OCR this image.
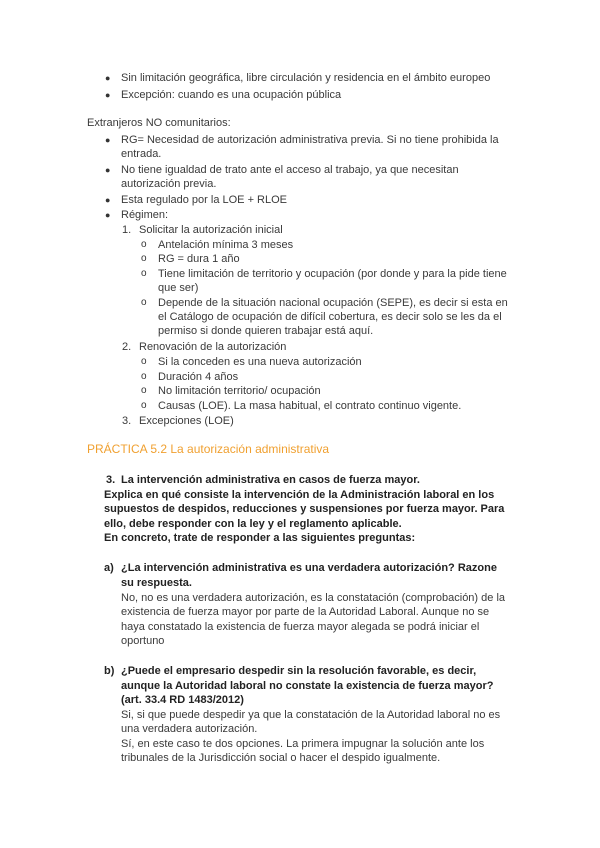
● Sin limitación geográfica, libre circulación y residencia en el ámbito europeo
● Excepción: cuando es una ocupación pública
Extranjeros NO comunitarios:
● RG= Necesidad de autorización administrativa previa. Si no tiene prohibida la
entrada.
● No tiene igualdad de trato ante el acceso al trabajo, ya que necesitan
autorización previa.
● Esta regulado por la LOE + RLOE
● Régimen:
1. Solicitar la autorización inicial
o Antelación mínima 3 meses
o RG = dura 1 año
o Tiene limitación de territorio y ocupación (por donde y para la pide tiene
que ser)
o Depende de la situación nacional ocupación (SEPE), es decir si esta en
el Catálogo de ocupación de difícil cobertura, es decir solo se les da el
permiso si donde quieren trabajar está aquí.
2. Renovación de la autorización
o Si la conceden es una nueva autorización
o Duración 4 años
o No limitación territorio/ ocupación
o Causas (LOE). La masa habitual, el contrato continuo vigente.
3. Excepciones (LOE)
PRÁCTICA 5.2 La autorización administrativa
3. La intervención administrativa en casos de fuerza mayor.
Explica en qué consiste la intervención de la Administración laboral en los
supuestos de despidos, reducciones y suspensiones por fuerza mayor. Para
ello, debe responder con la ley y el reglamento aplicable.
En concreto, trate de responder a las siguientes preguntas:
a) ¿La intervención administrativa es una verdadera autorización? Razone
su respuesta.
No, no es una verdadera autorización, es la constatación (comprobación) de la
existencia de fuerza mayor por parte de la Autoridad Laboral. Aunque no se
haya constatado la existencia de fuerza mayor alegada se podrá iniciar el
oportuno
b) ¿Puede el empresario despedir sin la resolución favorable, es decir,
aunque la Autoridad laboral no constate la existencia de fuerza mayor?
(art. 33.4 RD 1483/2012)
Si, si que puede despedir ya que la constatación de la Autoridad laboral no es
una verdadera autorización.
Sí, en este caso te dos opciones. La primera impugnar la solución ante los
tribunales de la Jurisdicción social o hacer el despido igualmente.
